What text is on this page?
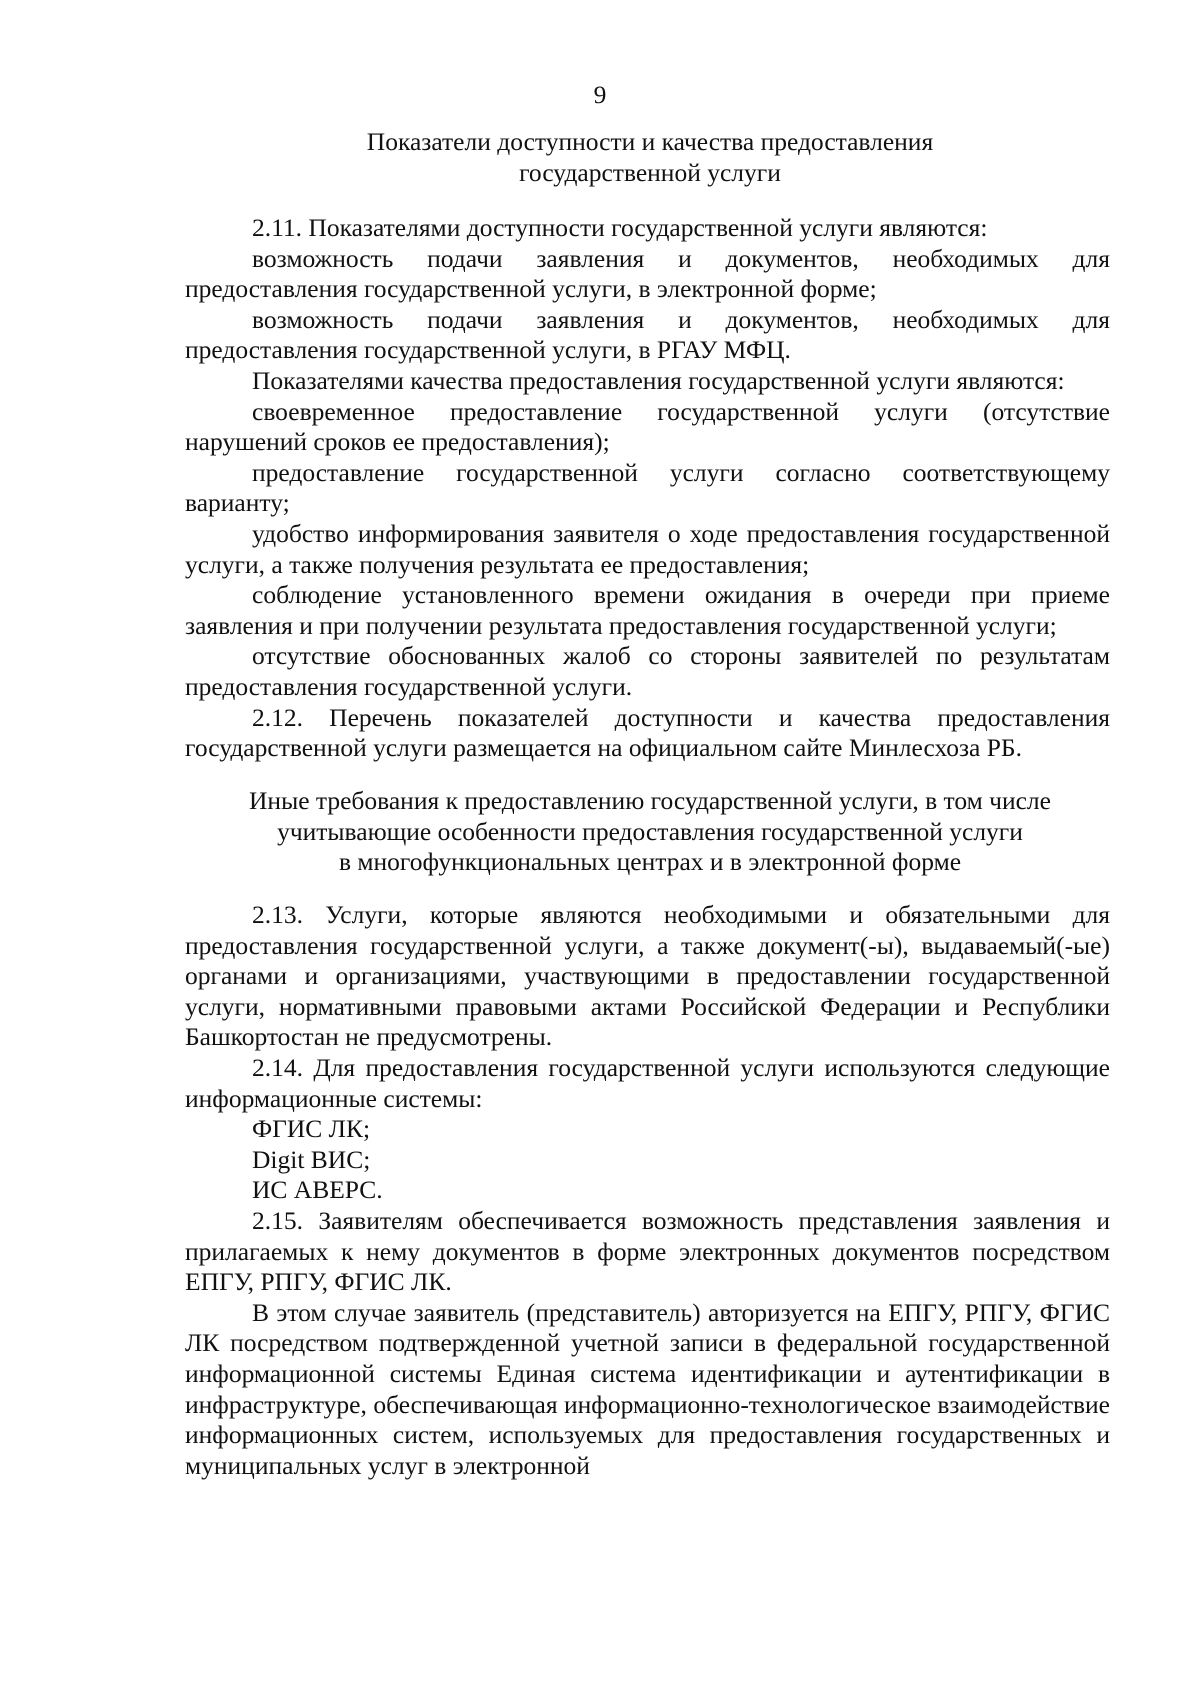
9
Показатели доступности и качества предоставления
государственной услуги
2.11. Показателями доступности государственной услуги являются:
возможность подачи заявления и документов, необходимых для предоставления государственной услуги, в электронной форме;
возможность подачи заявления и документов, необходимых для предоставления государственной услуги, в РГАУ МФЦ.
Показателями качества предоставления государственной услуги являются:
своевременное предоставление государственной услуги (отсутствие нарушений сроков ее предоставления);
предоставление государственной услуги согласно соответствующему варианту;
удобство информирования заявителя о ходе предоставления государственной услуги, а также получения результата ее предоставления;
соблюдение установленного времени ожидания в очереди при приеме заявления и при получении результата предоставления государственной услуги;
отсутствие обоснованных жалоб со стороны заявителей по результатам предоставления государственной услуги.
2.12. Перечень показателей доступности и качества предоставления государственной услуги размещается на официальном сайте Минлесхоза РБ.
Иные требования к предоставлению государственной услуги, в том числе
учитывающие особенности предоставления государственной услуги
в многофункциональных центрах и в электронной форме
2.13. Услуги, которые являются необходимыми и обязательными для предоставления государственной услуги, а также документ(-ы), выдаваемый(-ые) органами и организациями, участвующими в предоставлении государственной услуги, нормативными правовыми актами Российской Федерации и Республики Башкортостан не предусмотрены.
2.14. Для предоставления государственной услуги используются следующие информационные системы:
ФГИС ЛК;
Digit ВИС;
ИС АВЕРС.
2.15. Заявителям обеспечивается возможность представления заявления и прилагаемых к нему документов в форме электронных документов посредством ЕПГУ, РПГУ, ФГИС ЛК.
В этом случае заявитель (представитель) авторизуется на ЕПГУ, РПГУ, ФГИС ЛК посредством подтвержденной учетной записи в федеральной государственной информационной системы Единая система идентификации и аутентификации в инфраструктуре, обеспечивающая информационно-технологическое взаимодействие информационных систем, используемых для предоставления государственных и муниципальных услуг в электронной
